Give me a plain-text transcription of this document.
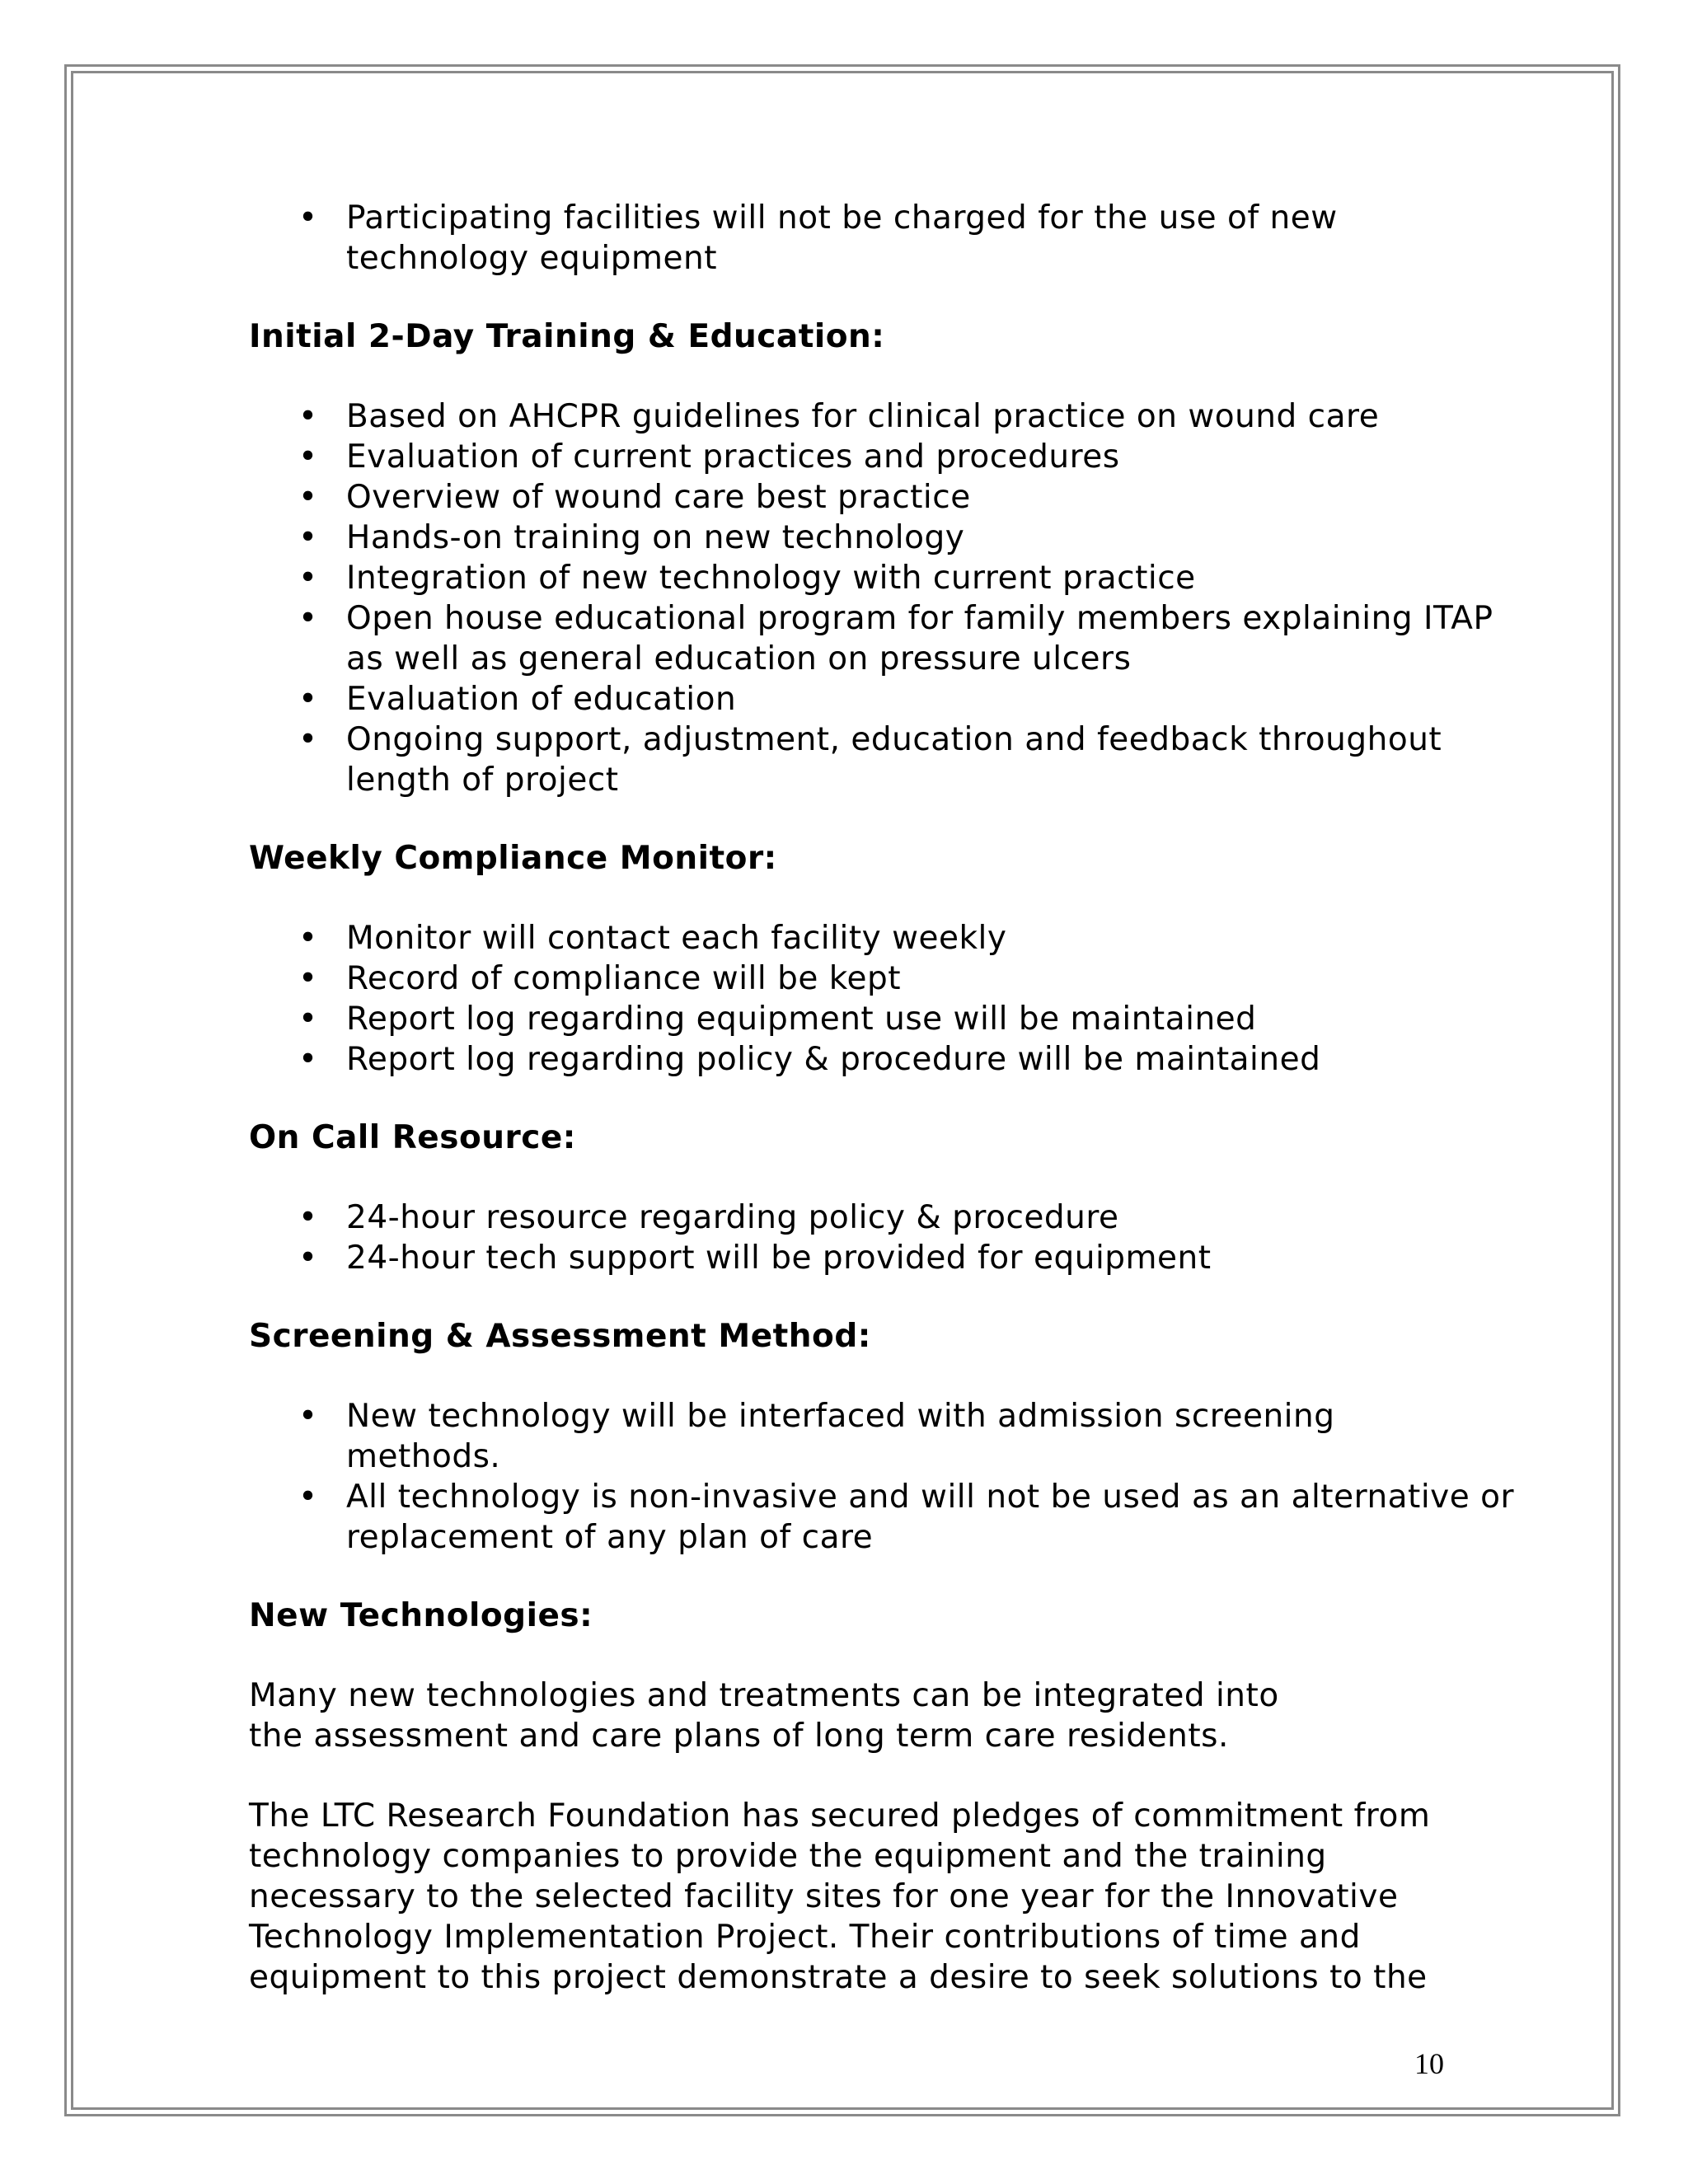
• Participating facilities will not be charged for the use of new technology equipment

Initial 2-Day Training & Education:

• Based on AHCPR guidelines for clinical practice on wound care
• Evaluation of current practices and procedures
• Overview of wound care best practice
• Hands-on training on new technology
• Integration of new technology with current practice
• Open house educational program for family members explaining ITAP as well as general education on pressure ulcers
• Evaluation of education
• Ongoing support, adjustment, education and feedback throughout length of project

Weekly Compliance Monitor:

• Monitor will contact each facility weekly
• Record of compliance will be kept
• Report log regarding equipment use will be maintained
• Report log regarding policy & procedure will be maintained

On Call Resource:

• 24-hour resource regarding policy & procedure
• 24-hour tech support will be provided for equipment

Screening & Assessment Method:

• New technology will be interfaced with admission screening methods.
• All technology is non-invasive and will not be used as an alternative or replacement of any plan of care

New Technologies:

Many new technologies and treatments can be integrated into the assessment and care plans of long term care residents.

The LTC Research Foundation has secured pledges of commitment from technology companies to provide the equipment and the training necessary to the selected facility sites for one year for the Innovative Technology Implementation Project. Their contributions of time and equipment to this project demonstrate a desire to seek solutions to the

10
